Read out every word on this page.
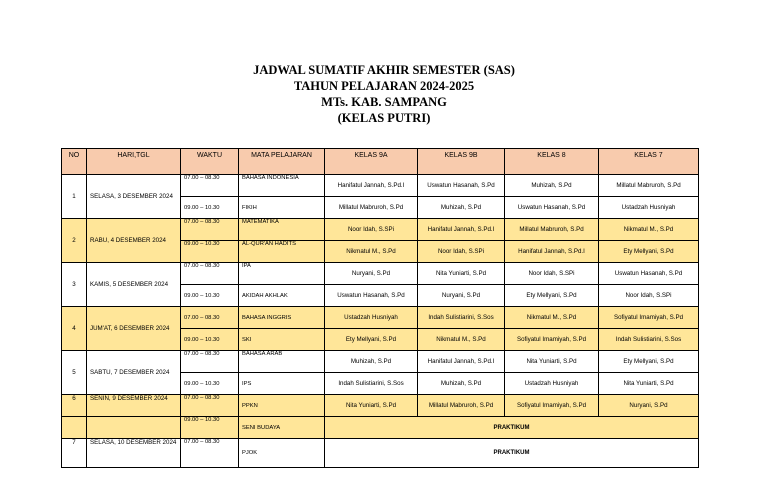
JADWAL SUMATIF AKHIR SEMESTER (SAS)
TAHUN PELAJARAN 2024-2025
MTs. KAB. SAMPANG
(KELAS PUTRI)
NO	HARI,TGL	WAKTU	MATA PELAJARAN	KELAS 9A	KELAS 9B	KELAS 8	KELAS 7
1	SELASA, 3 DESEMBER 2024	07.00 – 08.30	BAHASA INDONESIA	Hanifatul Jannah, S.Pd.I	Uswatun Hasanah, S.Pd	Muhizah, S.Pd	Millatul Mabruroh, S.Pd
		09.00 – 10.30	FIKIH	Millatul Mabruroh, S.Pd	Muhizah, S.Pd	Uswatun Hasanah, S.Pd	Ustadzah Husniyah
2	RABU, 4 DESEMBER 2024	07.00 – 08.30	MATEMATIKA	Noor Idah, S.SPi	Hanifatul Jannah, S.Pd.I	Millatul Mabruroh, S.Pd	Nikmatul M., S.Pd
		09.00 – 10.30	AL-QUR'AN HADITS	Nikmatul M., S.Pd	Noor Idah, S.SPi	Hanifatul Jannah, S.Pd.I	Ety Mellyani, S.Pd
3	KAMIS, 5 DESEMBER 2024	07.00 – 08.30	IPA	Nuryani, S.Pd	Nita Yuniarti, S.Pd	Noor Idah, S.SPi	Uswatun Hasanah, S.Pd
		09.00 – 10.30	AKIDAH AKHLAK	Uswatun Hasanah, S.Pd	Nuryani, S.Pd	Ety Mellyani, S.Pd	Noor Idah, S.SPi
4	JUM'AT, 6 DESEMBER 2024	07.00 – 08.30	BAHASA INGGRIS	Ustadzah Husniyah	Indah Sulistiarini, S.Sos	Nikmatul M., S.Pd	Sofiyatul Imamiyah, S.Pd
		09.00 – 10.30	SKI	Ety Mellyani, S.Pd	Nikmatul M., S.Pd	Sofiyatul Imamiyah, S.Pd	Indah Sulistiarini, S.Sos
5	SABTU, 7 DESEMBER 2024	07.00 – 08.30	BAHASA ARAB	Muhizah, S.Pd	Hanifatul Jannah, S.Pd.I	Nita Yuniarti, S.Pd	Ety Mellyani, S.Pd
		09.00 – 10.30	IPS	Indah Sulistiarini, S.Sos	Muhizah, S.Pd	Ustadzah Husniyah	Nita Yuniarti, S.Pd
6	SENIN, 9 DESEMBER 2024	07.00 – 08.30	PPKN	Nita Yuniarti, S.Pd	Millatul Mabruroh, S.Pd	Sofiyatul Imamiyah, S.Pd	Nuryani, S.Pd
		09.00 – 10.30	SENI BUDAYA	PRAKTIKUM			
7	SELASA, 10 DESEMBER 2024	07.00 – 08.30	PJOK	PRAKTIKUM			
